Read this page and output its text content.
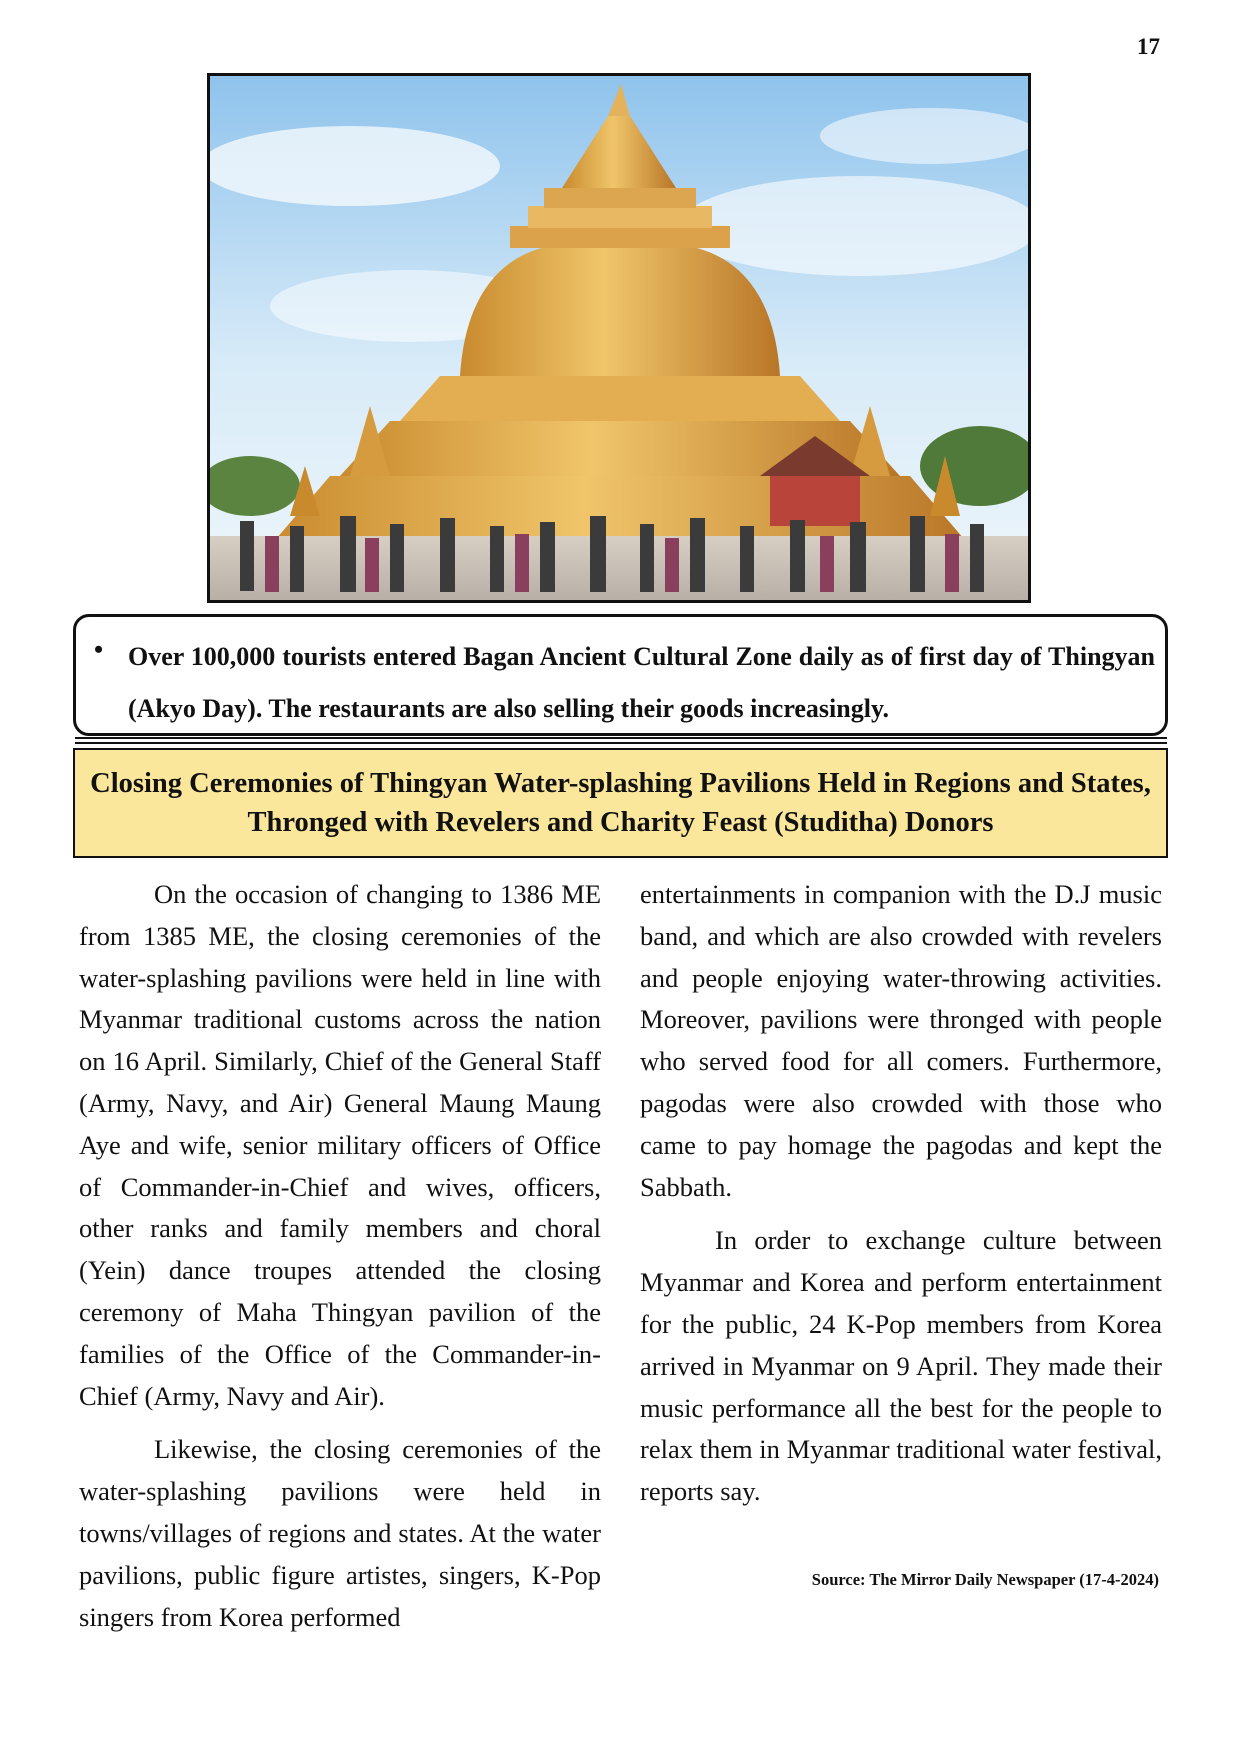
17
• Over 100,000 tourists entered Bagan Ancient Cultural Zone daily as of first day of Thingyan (Akyo Day). The restaurants are also selling their goods increasingly.
Closing Ceremonies of Thingyan Water-splashing Pavilions Held in Regions and States, Thronged with Revelers and Charity Feast (Studitha) Donors

On the occasion of changing to 1386 ME from 1385 ME, the closing ceremonies of the water-splashing pavilions were held in line with Myanmar traditional customs across the nation on 16 April. Similarly, Chief of the General Staff (Army, Navy, and Air) General Maung Maung Aye and wife, senior military officers of Office of Commander-in-Chief and wives, officers, other ranks and family members and choral (Yein) dance troupes attended the closing ceremony of Maha Thingyan pavilion of the families of the Office of the Commander-in-Chief (Army, Navy and Air).

Likewise, the closing ceremonies of the water-splashing pavilions were held in towns/villages of regions and states. At the water pavilions, public figure artistes, singers, K-Pop singers from Korea performed

entertainments in companion with the D.J music band, and which are also crowded with revelers and people enjoying water-throwing activities. Moreover, pavilions were thronged with people who served food for all comers. Furthermore, pagodas were also crowded with those who came to pay homage the pagodas and kept the Sabbath.

In order to exchange culture between Myanmar and Korea and perform entertainment for the public, 24 K-Pop members from Korea arrived in Myanmar on 9 April. They made their music performance all the best for the people to relax them in Myanmar traditional water festival, reports say.

Source: The Mirror Daily Newspaper (17-4-2024)
